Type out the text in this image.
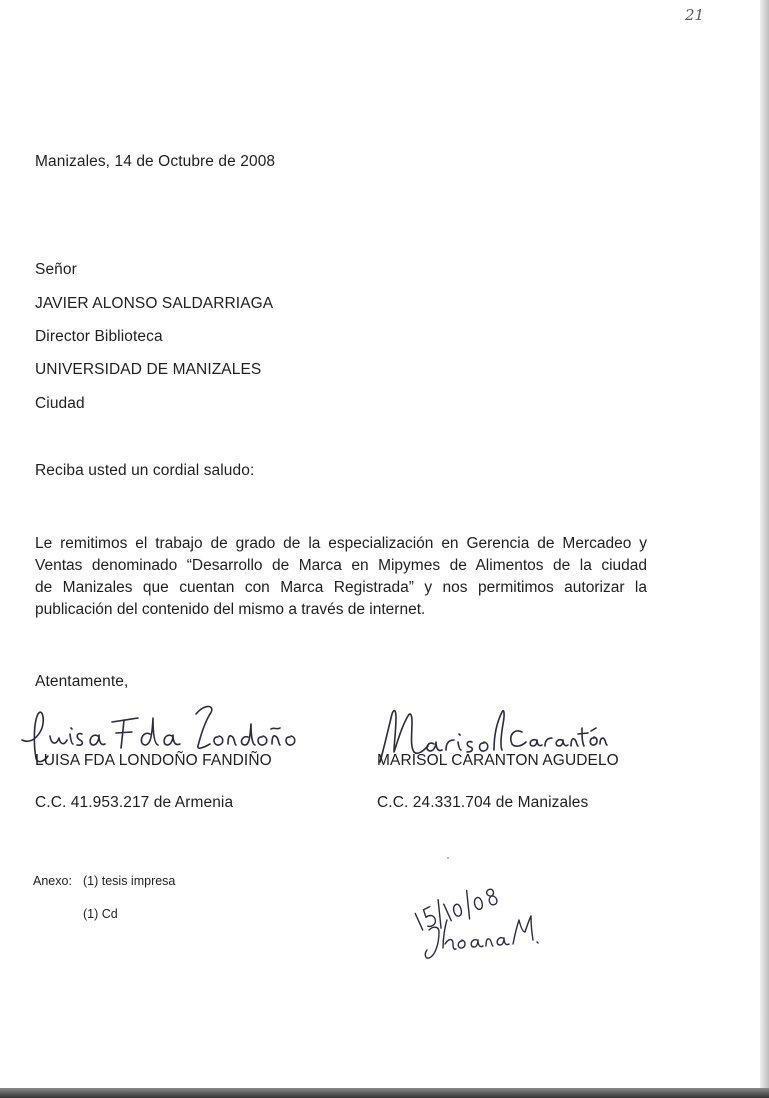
21
Manizales, 14 de Octubre de 2008
Señor
JAVIER ALONSO SALDARRIAGA
Director Biblioteca
UNIVERSIDAD DE MANIZALES
Ciudad
Reciba usted un cordial saludo:
Le remitimos el trabajo de grado de la especialización en Gerencia de Mercadeo y
Ventas denominado “Desarrollo de Marca en Mipymes de Alimentos de la ciudad
de Manizales que cuentan con Marca Registrada” y nos permitimos autorizar la
publicación del contenido del mismo a través de internet.
Atentamente,
LUISA FDA LONDOÑO FANDIÑO	MARISOL CARANTON AGUDELO
C.C. 41.953.217 de Armenia	C.C. 24.331.704 de Manizales
Anexo: (1) tesis impresa
(1) Cd
